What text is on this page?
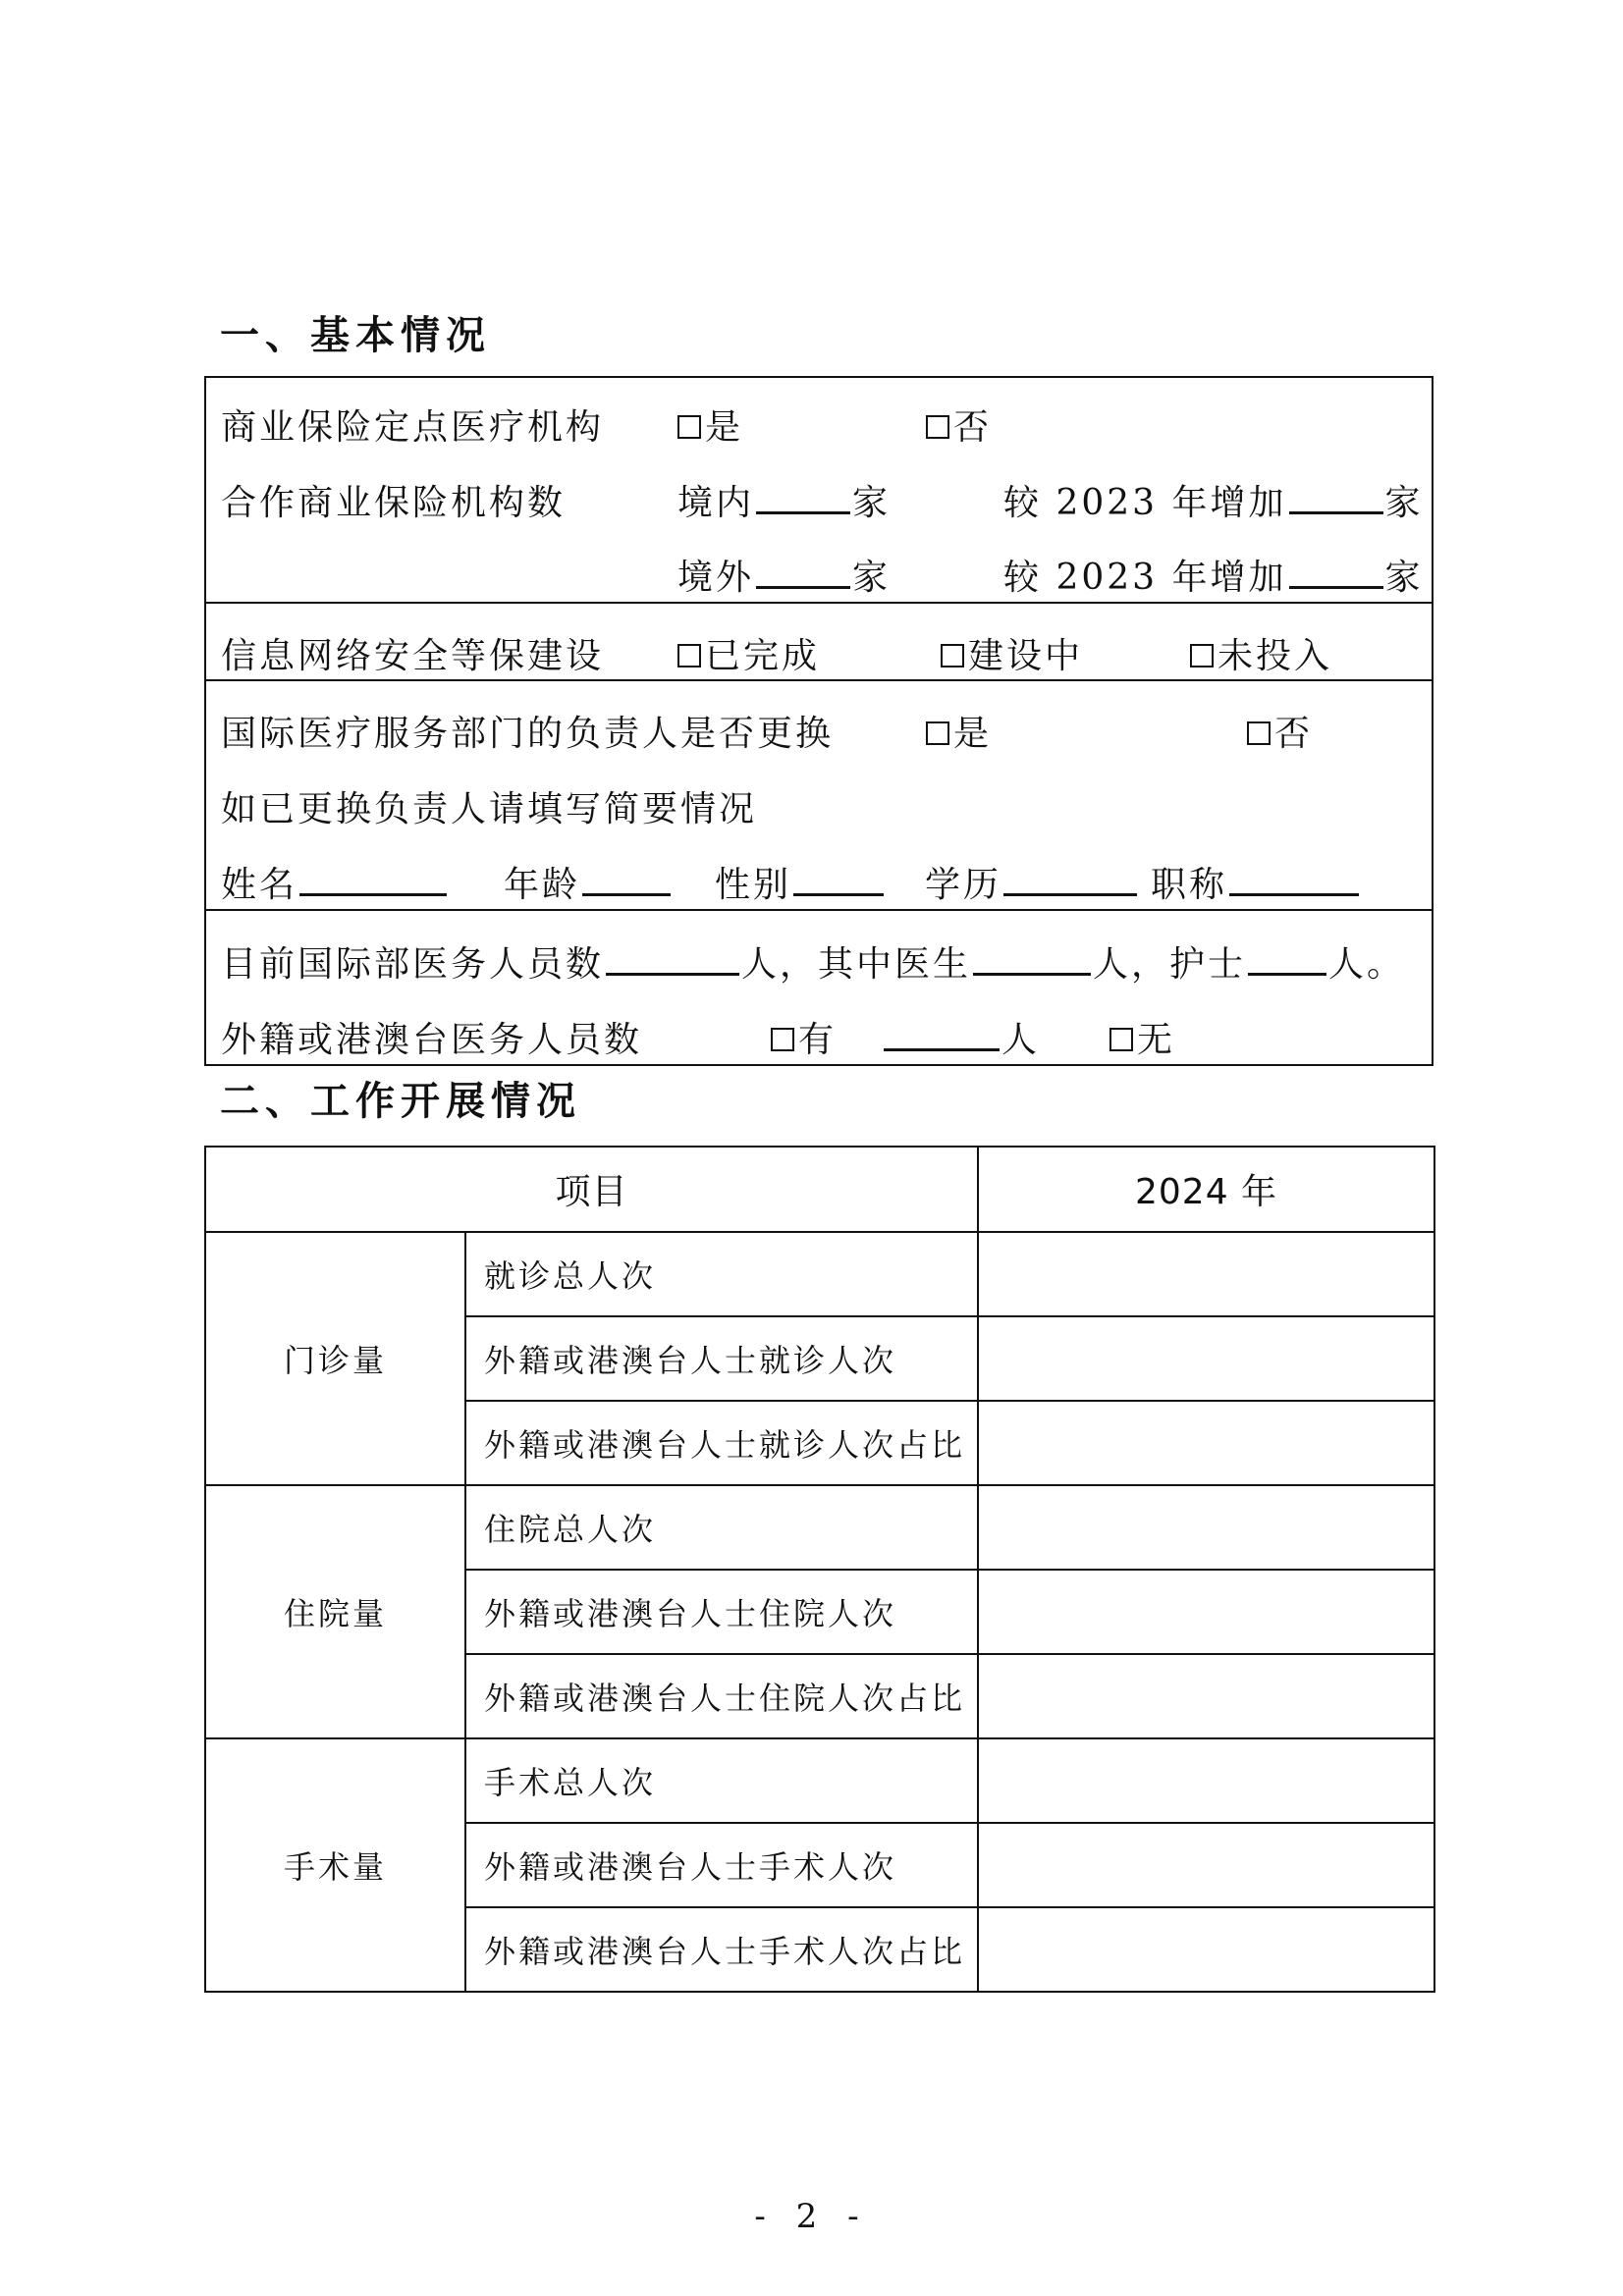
一、基本情况
商业保险定点医疗机构	是	否
合作商业保险机构数	境内	家	较 2023 年增加	家
境外	家	较 2023 年增加	家
信息网络安全等保建设	已完成	建设中	未投入
国际医疗服务部门的负责人是否更换	是	否
如已更换负责人请填写简要情况
姓名	年龄	性别	学历	职称
目前国际部医务人员数	人，其中医生	人，护士 人。
外籍或港澳台医务人员数	有	人	无
二、工作开展情况
项目		2024 年
门诊量	就诊总人次	
	外籍或港澳台人士就诊人次	
	外籍或港澳台人士就诊人次占比	
住院量	住院总人次	
	外籍或港澳台人士住院人次	
	外籍或港澳台人士住院人次占比	
手术量	手术总人次	
	外籍或港澳台人士手术人次	
	外籍或港澳台人士手术人次占比	
- 2 -
